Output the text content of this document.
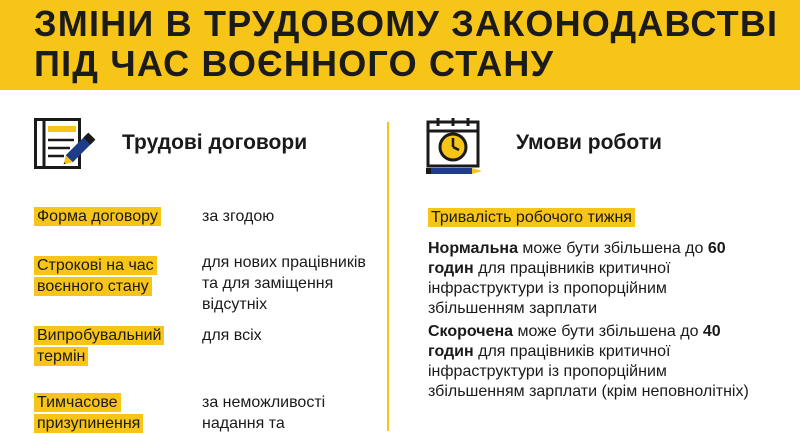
ЗМІНИ В ТРУДОВОМУ ЗАКОНОДАВСТВІ
ПІД ЧАС ВОЄННОГО СТАНУ
Трудові договори
Форма договору	за згодою
Строкові на час воєнного стану
для нових працівників та для заміщення відсутніх
Випробувальний термін
для всіх
Тимчасове призупинення
за неможливості надання та
Умови роботи
Тривалість робочого тижня
Нормальна може бути збільшена до 60 годин для працівників критичної інфраструктури із пропорційним збільшенням зарплати
Скорочена може бути збільшена до 40 годин для працівників критичної інфраструктури із пропорційним збільшенням зарплати (крім неповнолітніх)
